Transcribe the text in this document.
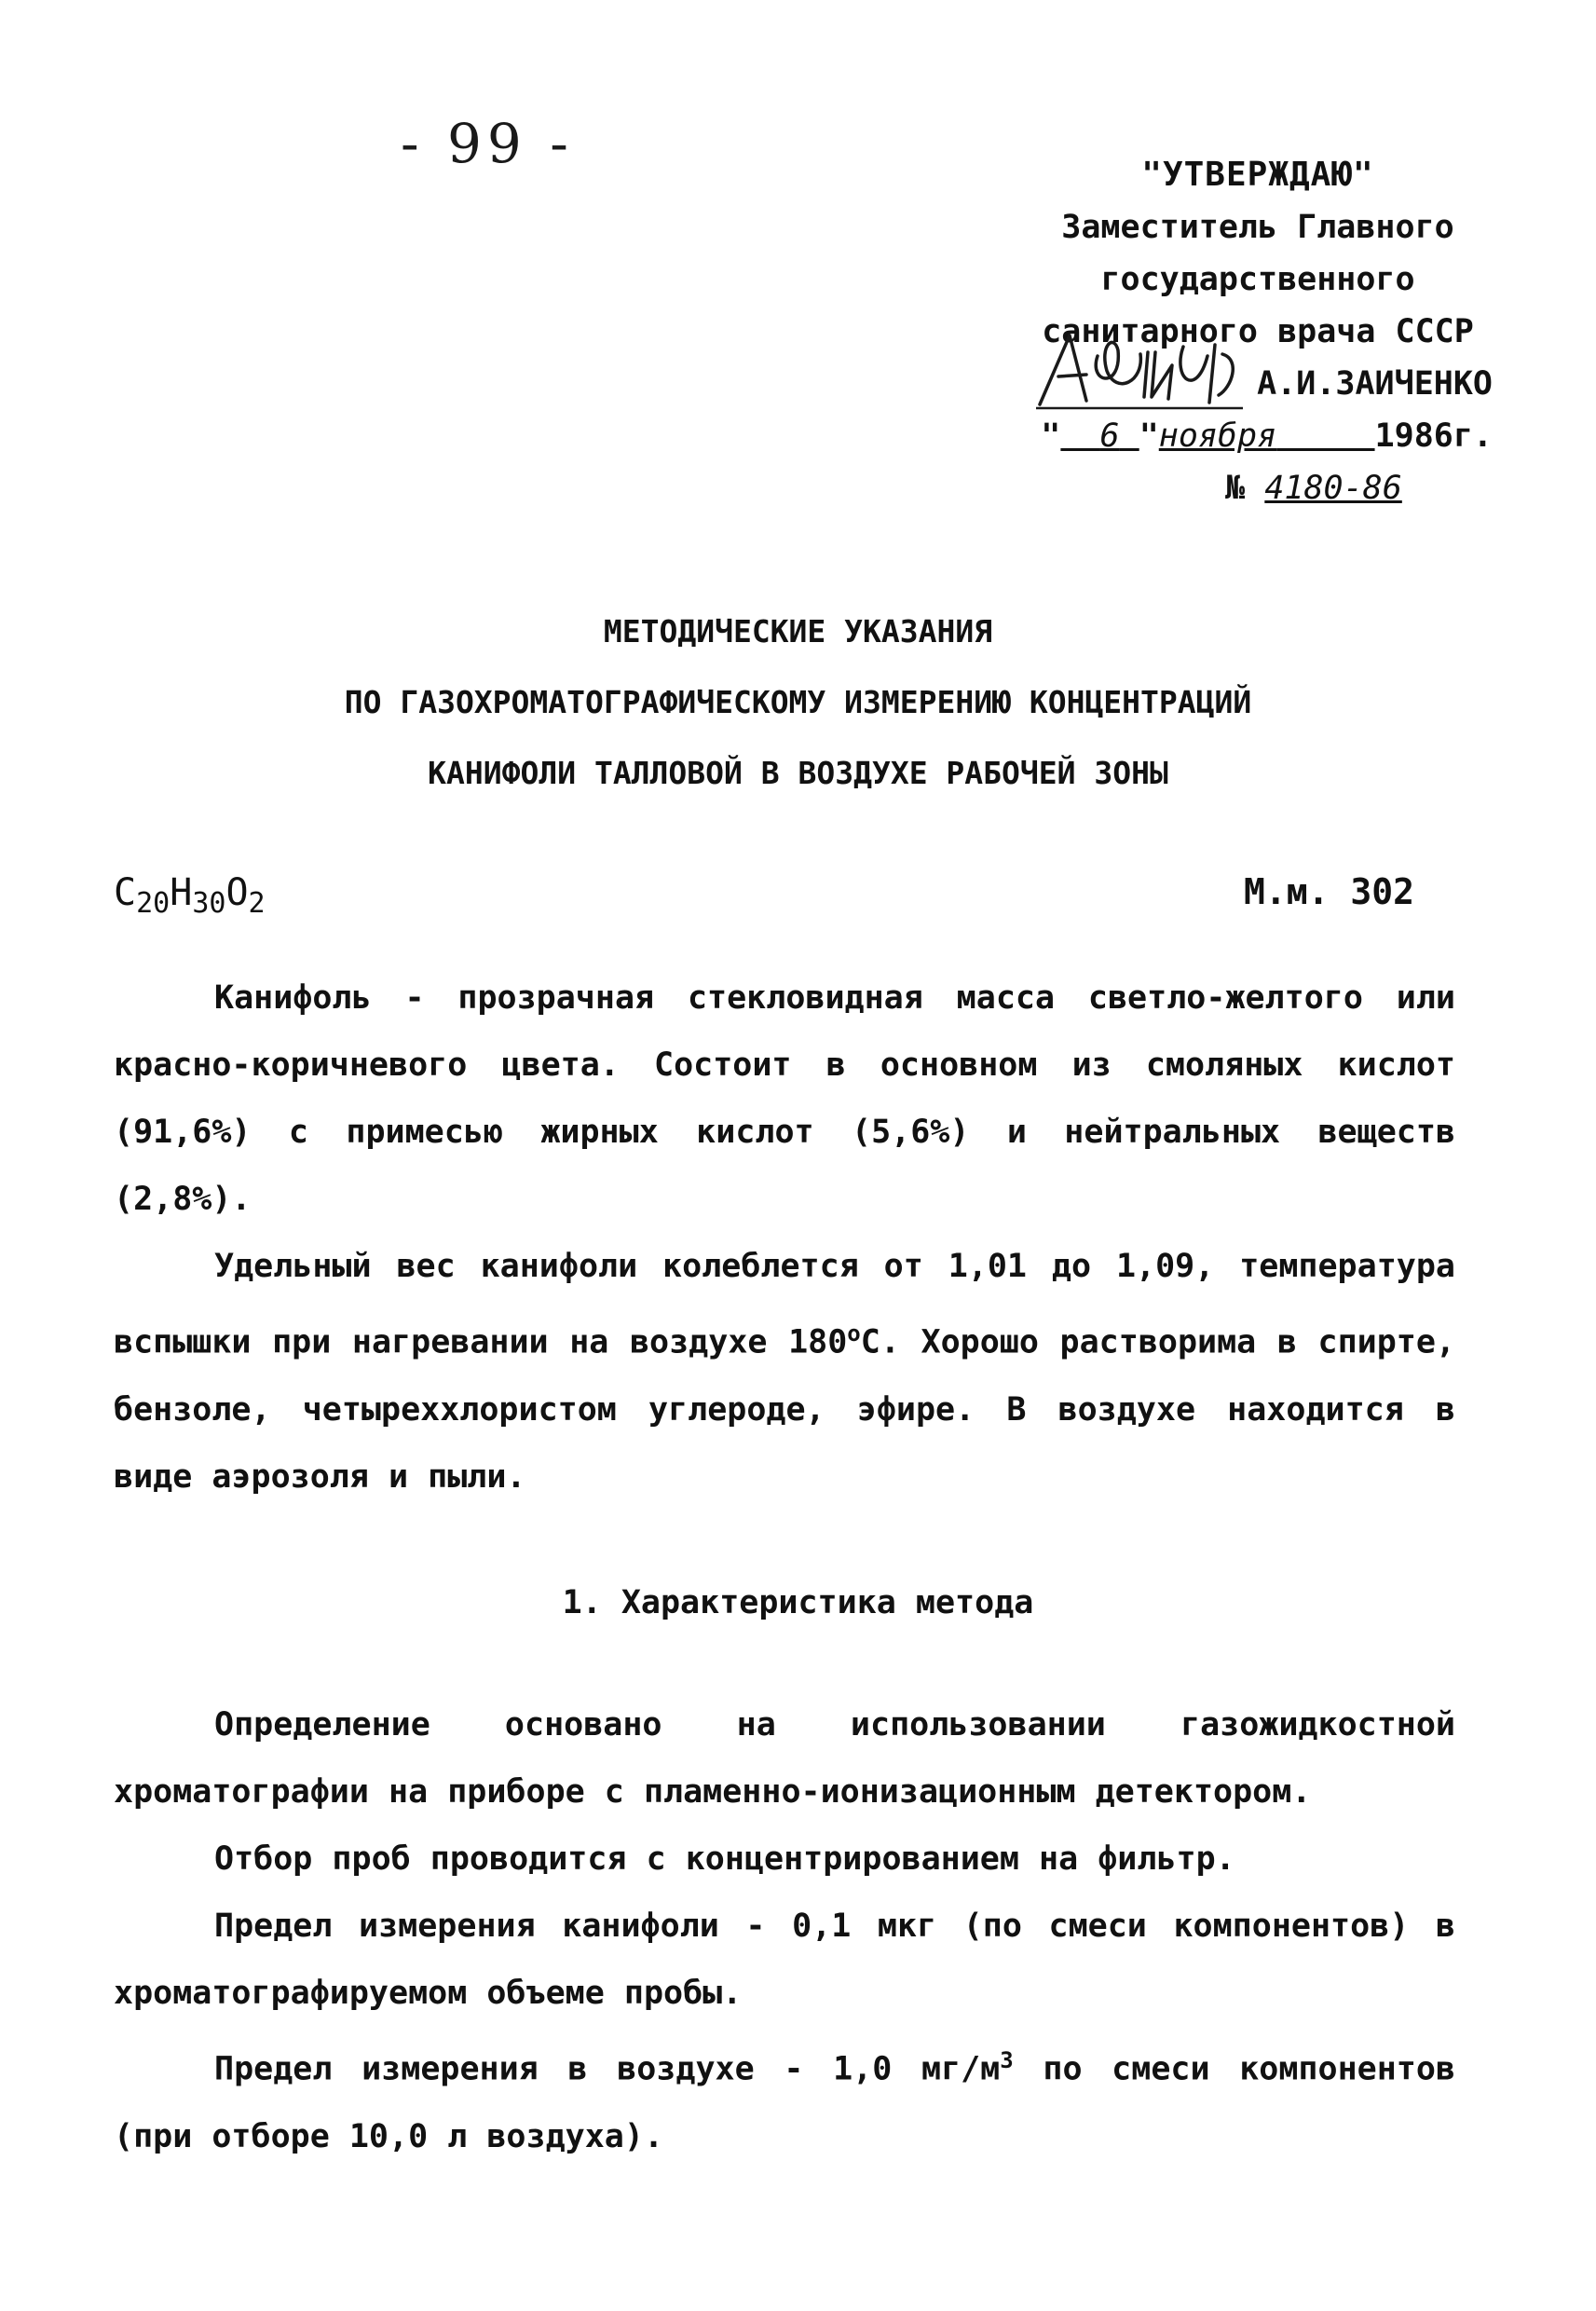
- 99 -	"УТВЕРЖДАЮ"
Заместитель Главного
государственного
санитарного врача СССР
А.И.ЗАИЧЕНКО
" 6 "ноября	1986г.
№ 4180-86
МЕТОДИЧЕСКИЕ УКАЗАНИЯ
ПО ГАЗОХРОМАТОГРАФИЧЕСКОМУ ИЗМЕРЕНИЮ КОНЦЕНТРАЦИЙ
КАНИФОЛИ ТАЛЛОВОЙ В ВОЗДУХЕ РАБОЧЕЙ ЗОНЫ
$C_{20}H_{30}O_2$	М.м. 302

Канифоль - прозрачная стекловидная масса светло-желтого или красно-коричневого цвета. Состоит в основном из смоляных кислот (91,6%) с примесью жирных кислот (5,6%) и нейтральных веществ (2,8%).

Удельный вес канифоли колеблется от 1,01 до 1,09, температура вспышки при нагревании на воздухе $180^оС$. Хорошо растворима в спирте, бензоле, четыреххлористом углероде, эфире. В воздухе находится в виде аэрозоля и пыли.

1. Характеристика метода

Определение основано на использовании газожидкостной хроматографии на приборе с пламенно-ионизационным детектором.

Отбор проб проводится с концентрированием на фильтр.

Предел измерения канифоли - 0,1 мкг (по смеси компонентов) в хроматографируемом объеме пробы.

Предел измерения в воздухе - 1,0 $мг/м^3$ по смеси компонентов (при отборе 10,0 л воздуха).
